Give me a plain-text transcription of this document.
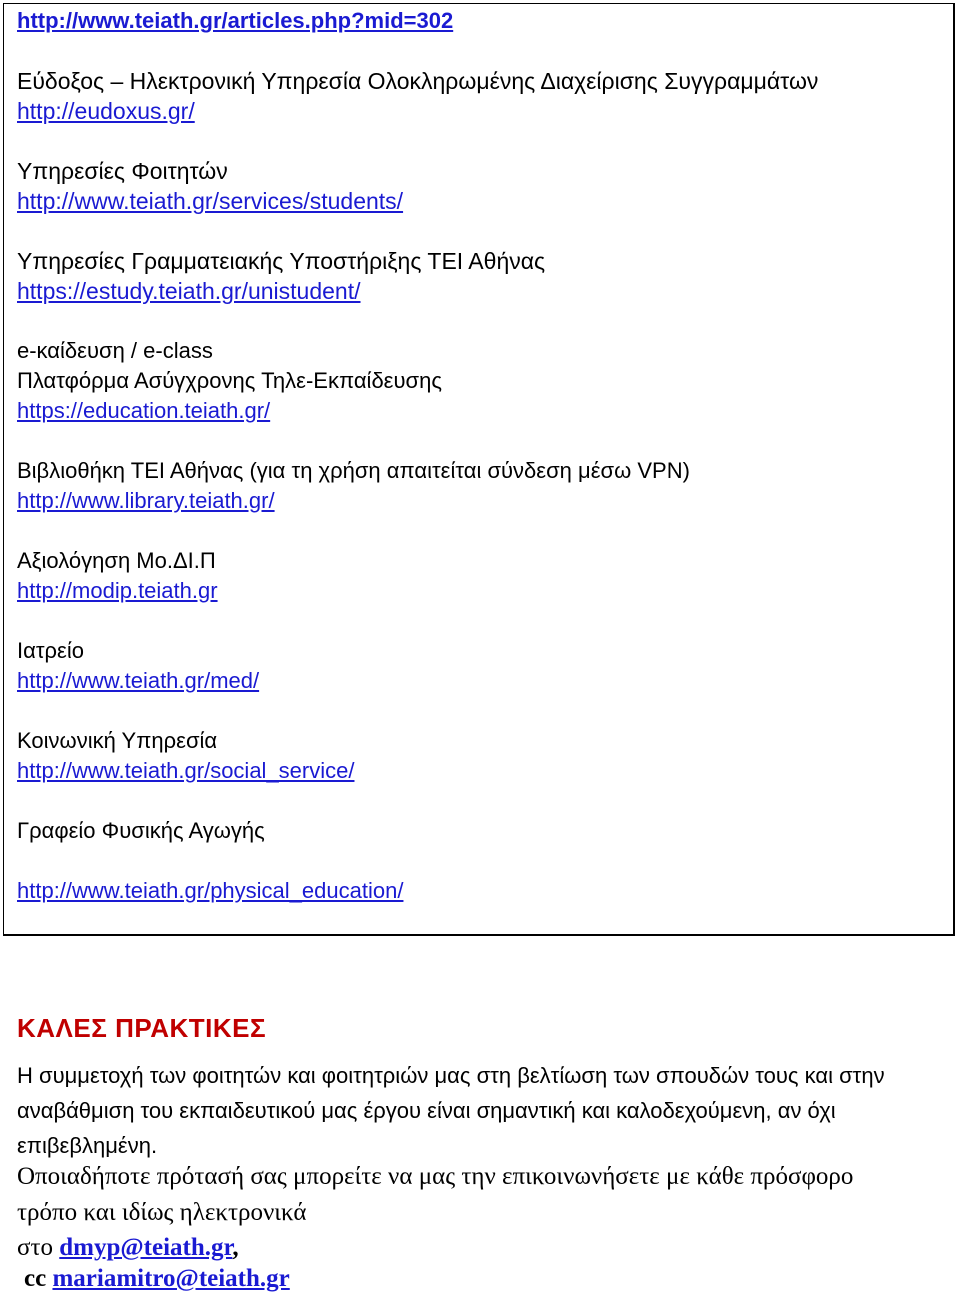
http://www.teiath.gr/articles.php?mid=302
Εύδοξος – Ηλεκτρονική Υπηρεσία Ολοκληρωμένης Διαχείρισης Συγγραμμάτων
http://eudoxus.gr/
Υπηρεσίες Φοιτητών
http://www.teiath.gr/services/students/
Υπηρεσίες Γραμματειακής Υποστήριξης ΤΕΙ Αθήνας
https://estudy.teiath.gr/unistudent/
e-καίδευση / e-class
Πλατφόρμα Ασύγχρονης Τηλε-Εκπαίδευσης
https://education.teiath.gr/
Βιβλιοθήκη ΤΕΙ Αθήνας (για τη χρήση απαιτείται σύνδεση μέσω VPN)
http://www.library.teiath.gr/
Αξιολόγηση Μο.ΔΙ.Π
http://modip.teiath.gr
Ιατρείο
http://www.teiath.gr/med/
Κοινωνική Υπηρεσία
http://www.teiath.gr/social_service/
Γραφείο Φυσικής Αγωγής
http://www.teiath.gr/physical_education/
ΚΑΛΕΣ ΠΡΑΚΤΙΚΕΣ
Η συμμετοχή των φοιτητών και φοιτητριών μας στη βελτίωση των σπουδών τους και στην αναβάθμιση του εκπαιδευτικού μας έργου είναι σημαντική και καλοδεχούμενη, αν όχι επιβεβλημένη.
Οποιαδήποτε πρότασή σας μπορείτε να μας την επικοινωνήσετε με κάθε πρόσφορο
τρόπο και ιδίως ηλεκτρονικά
στο dmyp@teiath.gr,
cc mariamitro@teiath.gr
